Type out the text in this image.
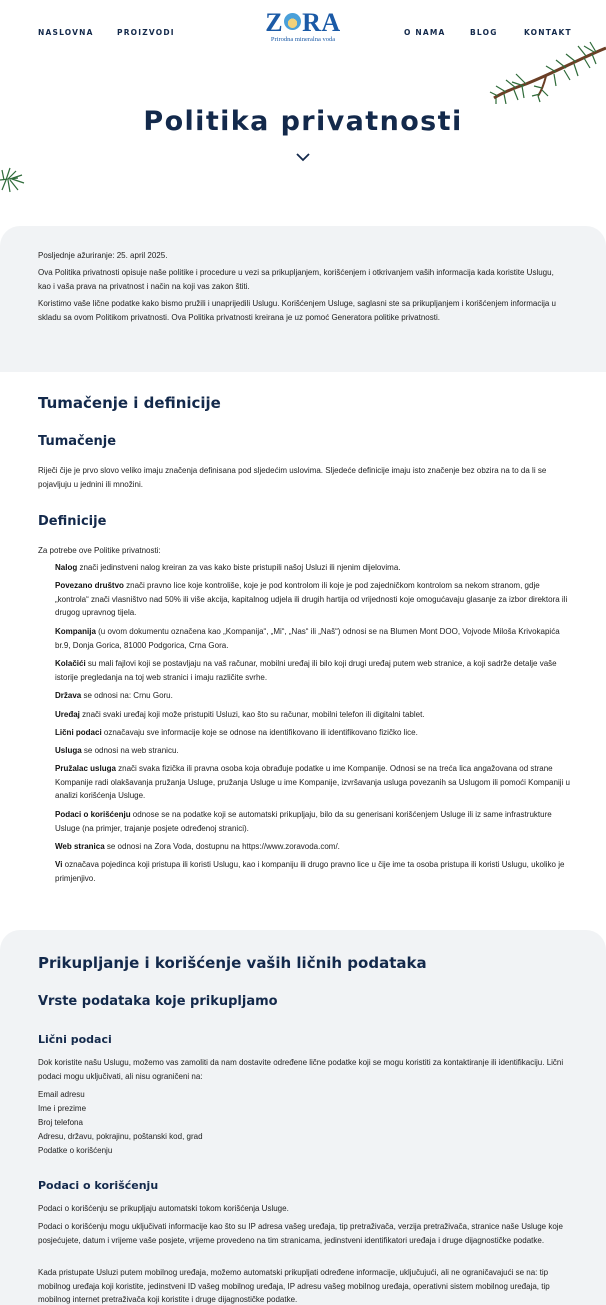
NASLOVNA	PROIZVODI	Z RA
Prirodna mineralna voda
O NAMA	BLOG	KONTAKT
Politika privatnosti

Posljednje ažuriranje: 25. april 2025.

Ova Politika privatnosti opisuje naše politike i procedure u vezi sa prikupljanjem, korišćenjem i otkrivanjem vaših informacija kada koristite Uslugu, kao i vaša prava na privatnost i način na koji vas zakon štiti.

Koristimo vaše lične podatke kako bismo pružili i unaprijedili Uslugu. Korišćenjem Usluge, saglasni ste sa prikupljanjem i korišćenjem informacija u skladu sa ovom Politikom privatnosti. Ova Politika privatnosti kreirana je uz pomoć Generatora politike privatnosti.

Tumačenje i definicije
Tumačenje

Riječi čije je prvo slovo veliko imaju značenja definisana pod sljedećim uslovima. Sljedeće definicije imaju isto značenje bez obzira na to da li se pojavljuju u jednini ili množini.

Definicije

Za potrebe ove Politike privatnosti:

Nalog znači jedinstveni nalog kreiran za vas kako biste pristupili našoj Usluzi ili njenim dijelovima.
Povezano društvo znači pravno lice koje kontroliše, koje je pod kontrolom ili koje je pod zajedničkom kontrolom sa nekom stranom, gdje „kontrola“ znači vlasništvo nad 50% ili više akcija, kapitalnog udjela ili drugih hartija od vrijednosti koje omogućavaju glasanje za izbor direktora ili drugog upravnog tijela.
Kompanija (u ovom dokumentu označena kao „Kompanija“, „Mi“, „Nas“ ili „Naš“) odnosi se na Blumen Mont DOO, Vojvode Miloša Krivokapića br.9, Donja Gorica, 81000 Podgorica, Crna Gora.
Kolačići su mali fajlovi koji se postavljaju na vaš računar, mobilni uređaj ili bilo koji drugi uređaj putem web stranice, a koji sadrže detalje vaše istorije pregledanja na toj web stranici i imaju različite svrhe.
Država se odnosi na: Crnu Goru.
Uređaj znači svaki uređaj koji može pristupiti Usluzi, kao što su računar, mobilni telefon ili digitalni tablet.
Lični podaci označavaju sve informacije koje se odnose na identifikovano ili identifikovano fizičko lice.
Usluga se odnosi na web stranicu.
Pružalac usluga znači svaka fizička ili pravna osoba koja obrađuje podatke u ime Kompanije. Odnosi se na treća lica angažovana od strane Kompanije radi olakšavanja pružanja Usluge, pružanja Usluge u ime Kompanije, izvršavanja usluga povezanih sa Uslugom ili pomoći Kompaniji u analizi korišćenja Usluge.
Podaci o korišćenju odnose se na podatke koji se automatski prikupljaju, bilo da su generisani korišćenjem Usluge ili iz same infrastrukture Usluge (na primjer, trajanje posjete određenoj stranici).
Web stranica se odnosi na Zora Voda, dostupnu na https://www.zoravoda.com/.
Vi označava pojedinca koji pristupa ili koristi Uslugu, kao i kompaniju ili drugo pravno lice u čije ime ta osoba pristupa ili koristi Uslugu, ukoliko je primjenjivo.
Prikupljanje i korišćenje vaših ličnih podataka
Vrste podataka koje prikupljamo
Lični podaci

Dok koristite našu Uslugu, možemo vas zamoliti da nam dostavite određene lične podatke koji se mogu koristiti za kontaktiranje ili identifikaciju. Lični podaci mogu uključivati, ali nisu ograničeni na:

Email adresu
Ime i prezime
Broj telefona
Adresu, državu, pokrajinu, poštanski kod, grad
Podatke o korišćenju
Podaci o korišćenju

Podaci o korišćenju se prikupljaju automatski tokom korišćenja Usluge.

Podaci o korišćenju mogu uključivati informacije kao što su IP adresa vašeg uređaja, tip pretraživača, verzija pretraživača, stranice naše Usluge koje posjećujete, datum i vrijeme vaše posjete, vrijeme provedeno na tim stranicama, jedinstveni identifikatori uređaja i druge dijagnostičke podatke.

Kada pristupate Usluzi putem mobilnog uređaja, možemo automatski prikupljati određene informacije, uključujući, ali ne ograničavajući se na: tip mobilnog uređaja koji koristite, jedinstveni ID vašeg mobilnog uređaja, IP adresu vašeg mobilnog uređaja, operativni sistem mobilnog uređaja, tip mobilnog internet pretraživača koji koristite i druge dijagnostičke podatke.
